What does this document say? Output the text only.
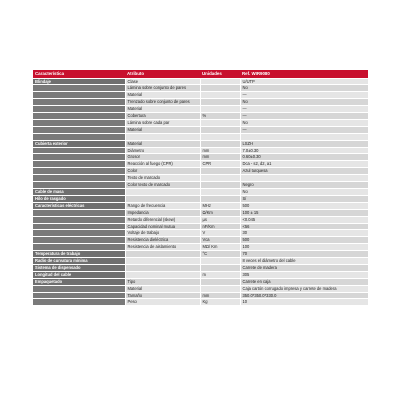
Característica	Atributo	Unidades	Ref. WIR9080
Blindaje	Clase		U/UTP
	Lámina sobre conjunto de pares		No
	Material		—
	Trenzado sobre conjunto de pares		No
	Material		—
	Cobertura	%	—
	Lámina sobre cada par		No
	Material		—

Cubierta exterior	Material		LSZH
	Diámetro	mm	7.0±0.30
	Grosor	mm	0.60±0.30
	Reacción al fuego (CPR)	CPR	Dca - s2, d2, a1
	Color		Azul turquesa
	Texto de marcado		
	Color texto de marcado		Negro
Cable de masa			No
Hilo de rasgado			Sí
Características eléctricas	Rango de frecuencia	MHz	500
	Impedancia	Ω/Km	100 ± 15
	Retardo diferencial (skew)	µs	<0.045
	Capacidad nominal mutua	nF/Km	<56
	Voltaje de trabajo	V	30
	Resistencia dieléctrica	Vca	500
	Resistencia de aislamiento	MΩ/ Km	100
Temperatura de trabajo		°C	70
Radio de curvatura mínima			8 veces el diámetro del cable
Sistema de dispensado			Carrete de madera
Longitud del cable		m	305
Empaquetado	Tipo		Carrete en caja
	Material		Caja cartón corrugado impresa y carrete de madera
	Tamaño	mm	350.0*350.0*330.0
	Peso	Kg	10
